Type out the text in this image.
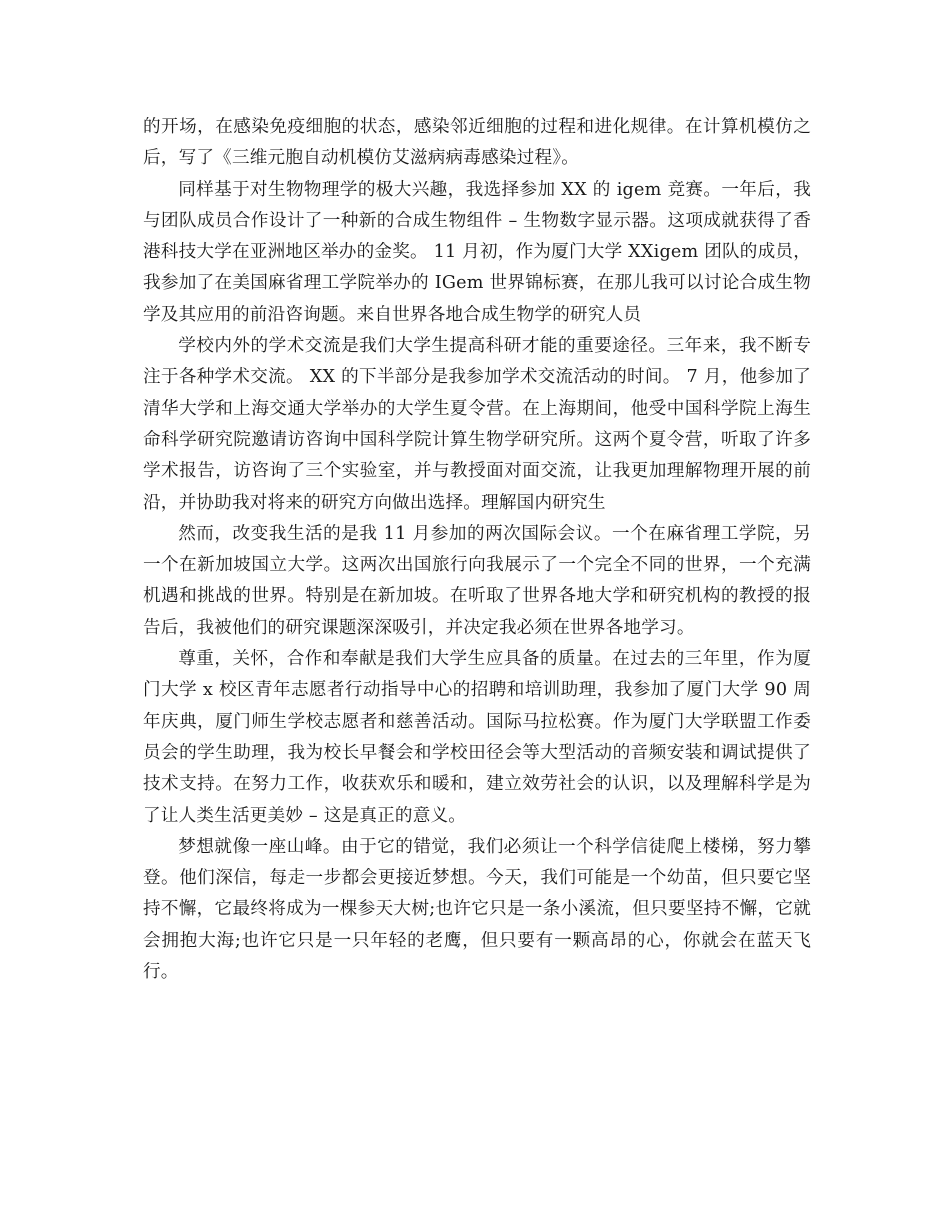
的开场，在感染免疫细胞的状态，感染邻近细胞的过程和进化规律。在计算机模仿之后，写了《三维元胞自动机模仿艾滋病病毒感染过程》。

同样基于对生物物理学的极大兴趣，我选择参加 XX 的 igem 竞赛。一年后，我与团队成员合作设计了一种新的合成生物组件 – 生物数字显示器。这项成就获得了香港科技大学在亚洲地区举办的金奖。 11 月初，作为厦门大学 XXigem 团队的成员，我参加了在美国麻省理工学院举办的 IGem 世界锦标赛，在那儿我可以讨论合成生物学及其应用的前沿咨询题。来自世界各地合成生物学的研究人员

学校内外的学术交流是我们大学生提高科研才能的重要途径。三年来，我不断专注于各种学术交流。 XX 的下半部分是我参加学术交流活动的时间。 7 月，他参加了清华大学和上海交通大学举办的大学生夏令营。在上海期间，他受中国科学院上海生命科学研究院邀请访咨询中国科学院计算生物学研究所。这两个夏令营，听取了许多学术报告，访咨询了三个实验室，并与教授面对面交流，让我更加理解物理开展的前沿，并协助我对将来的研究方向做出选择。理解国内研究生

然而，改变我生活的是我 11 月参加的两次国际会议。一个在麻省理工学院，另一个在新加坡国立大学。这两次出国旅行向我展示了一个完全不同的世界，一个充满机遇和挑战的世界。特别是在新加坡。在听取了世界各地大学和研究机构的教授的报告后，我被他们的研究课题深深吸引，并决定我必须在世界各地学习。

尊重，关怀，合作和奉献是我们大学生应具备的质量。在过去的三年里，作为厦门大学 x 校区青年志愿者行动指导中心的招聘和培训助理，我参加了厦门大学 90 周年庆典，厦门师生学校志愿者和慈善活动。国际马拉松赛。作为厦门大学联盟工作委员会的学生助理，我为校长早餐会和学校田径会等大型活动的音频安装和调试提供了技术支持。在努力工作，收获欢乐和暖和，建立效劳社会的认识，以及理解科学是为了让人类生活更美妙 – 这是真正的意义。

梦想就像一座山峰。由于它的错觉，我们必须让一个科学信徒爬上楼梯，努力攀登。他们深信，每走一步都会更接近梦想。今天，我们可能是一个幼苗，但只要它坚持不懈，它最终将成为一棵参天大树;也许它只是一条小溪流，但只要坚持不懈，它就会拥抱大海;也许它只是一只年轻的老鹰，但只要有一颗高昂的心，你就会在蓝天飞行。
